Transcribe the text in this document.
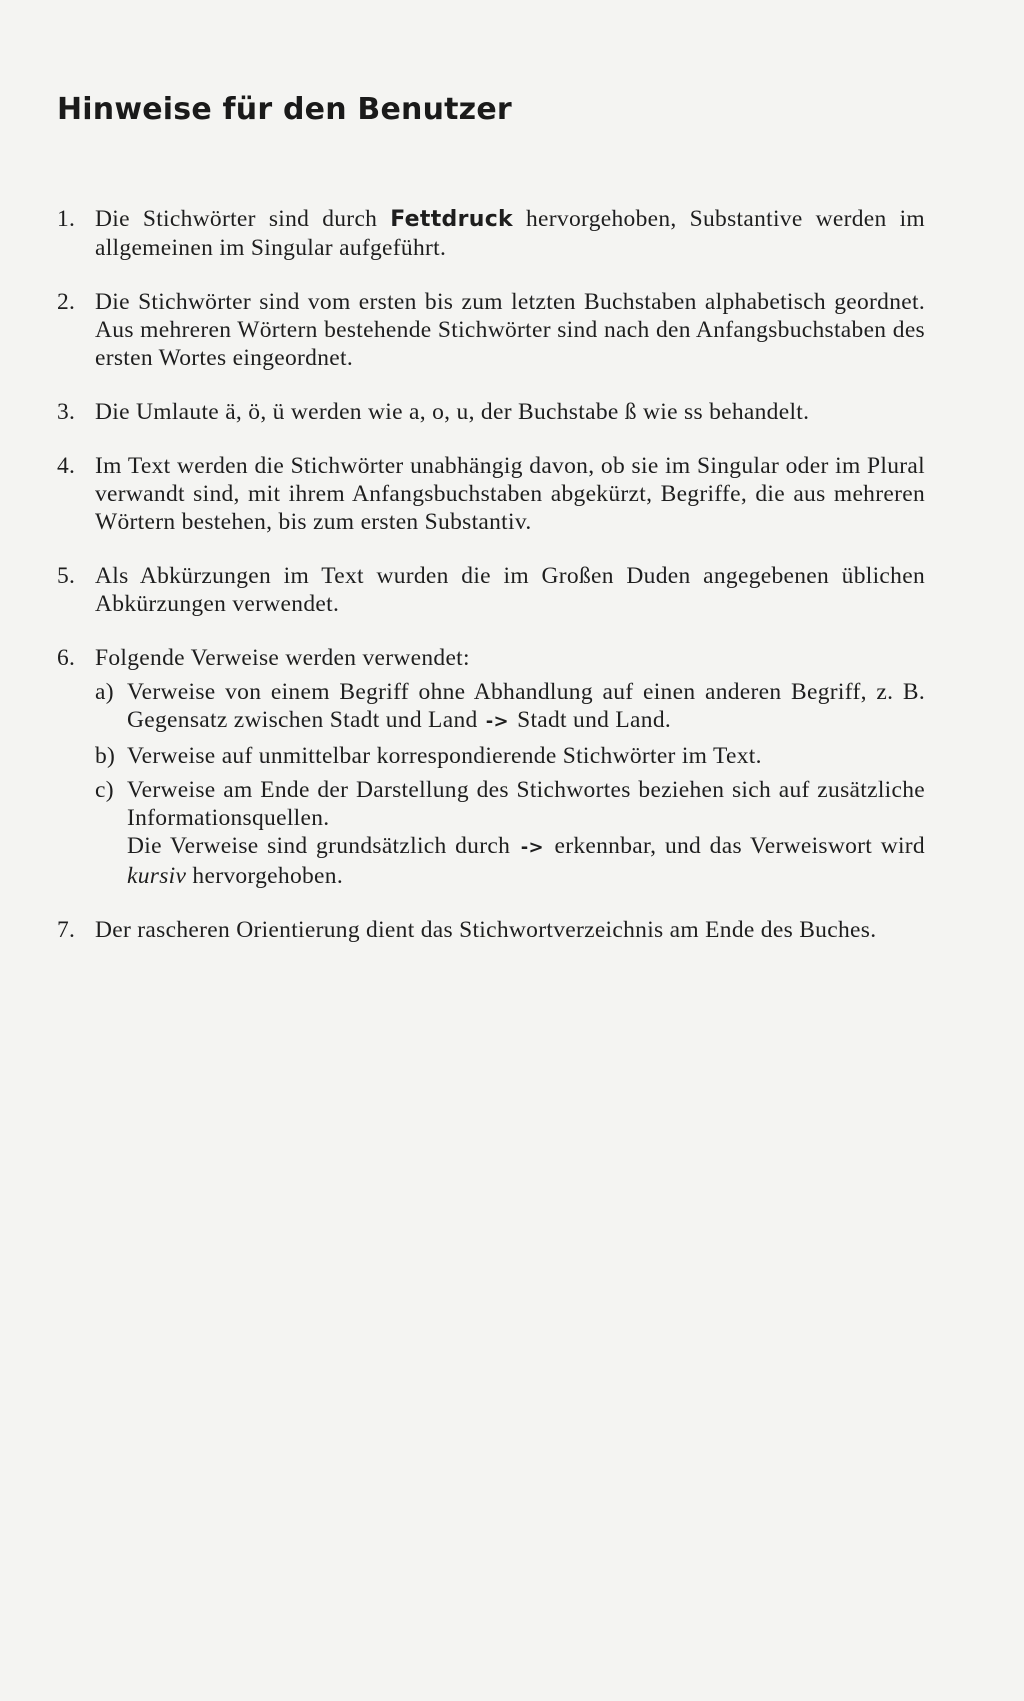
Hinweise für den Benutzer
1. Die Stichwörter sind durch Fettdruck hervorgehoben, Substantive werden im allgemeinen im Singular aufgeführt.

2. Die Stichwörter sind vom ersten bis zum letzten Buchstaben alphabetisch geordnet. Aus mehreren Wörtern bestehende Stichwörter sind nach den Anfangsbuchstaben des ersten Wortes eingeordnet.

3. Die Umlaute ä, ö, ü werden wie a, o, u, der Buchstabe ß wie ss behandelt.

4. Im Text werden die Stichwörter unabhängig davon, ob sie im Singular oder im Plural verwandt sind, mit ihrem Anfangsbuchstaben abgekürzt, Begriffe, die aus mehreren Wörtern bestehen, bis zum ersten Substantiv.

5. Als Abkürzungen im Text wurden die im Großen Duden angegebenen üblichen Abkürzungen verwendet.

6. Folgende Verweise werden verwendet:

a) Verweise von einem Begriff ohne Abhandlung auf einen anderen Begriff, z. B. Gegensatz zwischen Stadt und Land -> Stadt und Land.

b) Verweise auf unmittelbar korrespondierende Stichwörter im Text.

c) Verweise am Ende der Darstellung des Stichwortes beziehen sich auf zusätzliche Informationsquellen.

Die Verweise sind grundsätzlich durch -> erkennbar, und das Verweiswort wird kursiv hervorgehoben.

7. Der rascheren Orientierung dient das Stichwortverzeichnis am Ende des Buches.
